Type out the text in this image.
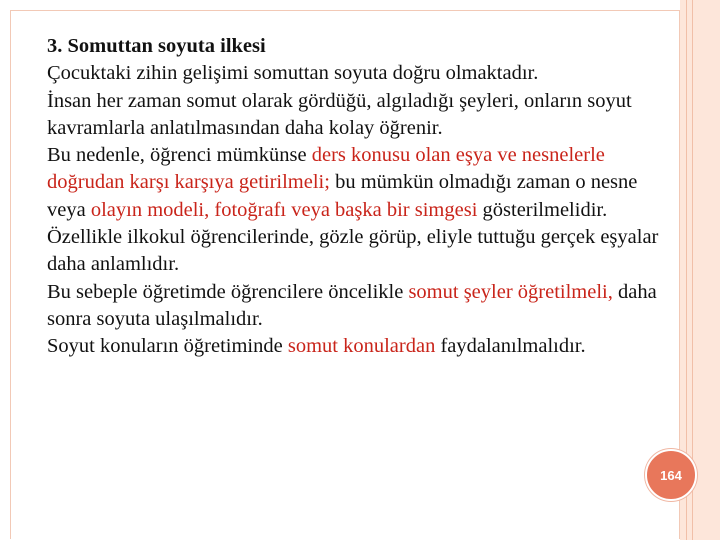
3. Somuttan soyuta ilkesi

Çocuktaki zihin gelişimi somuttan soyuta doğru olmaktadır.

İnsan her zaman somut olarak gördüğü, algıladığı şeyleri, onların soyut kavramlarla anlatılmasından daha kolay öğrenir.

Bu nedenle, öğrenci mümkünse ders konusu olan eşya ve nesnelerle doğrudan karşı karşıya getirilmeli; bu mümkün olmadığı zaman o nesne veya olayın modeli, fotoğrafı veya başka bir simgesi gösterilmelidir.

Özellikle ilkokul öğrencilerinde, gözle görüp, eliyle tuttuğu gerçek eşyalar daha anlamlıdır.

Bu sebeple öğretimde öğrencilere öncelikle somut şeyler öğretilmeli, daha sonra soyuta ulaşılmalıdır.

Soyut konuların öğretiminde somut konulardan faydalanılmalıdır.

164
